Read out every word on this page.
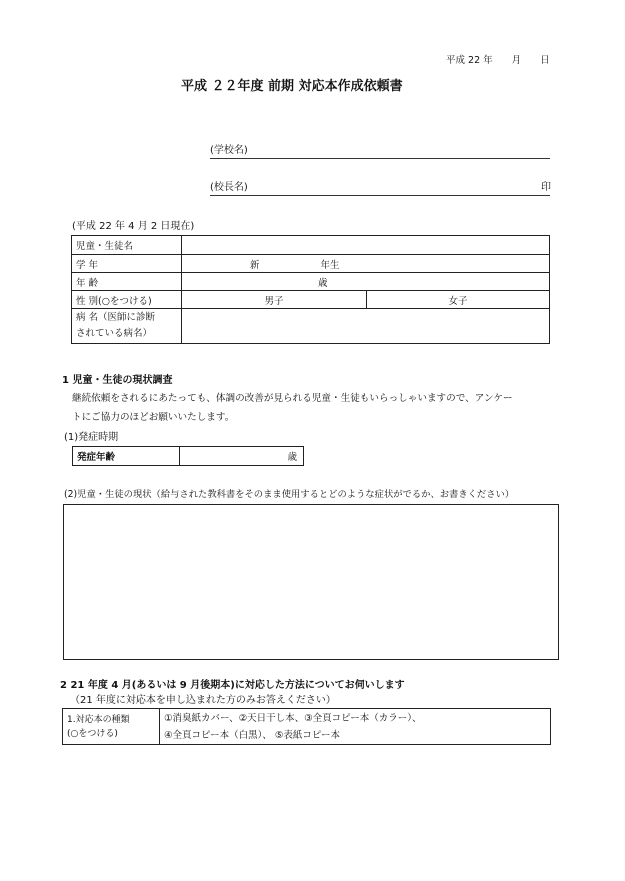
平成 22 年　　月　　日
平成 ２２年度 前期 対応本作成依頼書
(学校名)
(校長名)	印
(平成 22 年 4 月 2 日現在)
児童・生徒名		
学 年	新 年生	
年 齢	歳	
性 別(○をつける)	男子	女子

病 名（医師に診断
されている病名）		

1 児童・生徒の現状調査
継続依頼をされるにあたっても、体調の改善が見られる児童・生徒もいらっしゃいますので、アンケー
トにご協力のほどお願いいたします。
(1)発症時期
発症年齢	歳
(2)児童・生徒の現状（給与された教科書をそのまま使用するとどのような症状がでるか、お書きください）
2 21 年度 4 月(あるいは 9 月後期本)に対応した方法についてお伺いします
（21 年度に対応本を申し込まれた方のみお答えください）
1.対応本の種類
(○をつける)

①消臭紙カバー、②天日干し本、③全頁コピー本（カラー）、
④全頁コピー本（白黒）、 ⑤表紙コピー本
